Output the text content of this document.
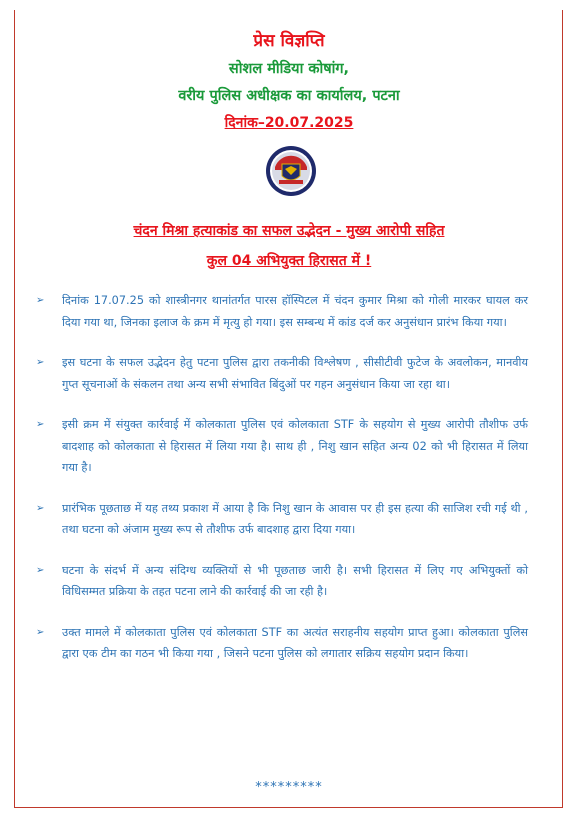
प्रेस विज्ञप्ति
सोशल मीडिया कोषांग,
वरीय पुलिस अधीक्षक का कार्यालय, पटना
दिनांक–20.07.2025
चंदन मिश्रा हत्याकांड का सफल उद्भेदन - मुख्य आरोपी सहित
कुल 04 अभियुक्त हिरासत में !
➢ दिनांक 17.07.25 को शास्त्रीनगर थानांतर्गत पारस हॉस्पिटल में चंदन कुमार मिश्रा को गोली मारकर घायल कर दिया गया था, जिनका इलाज के क्रम में मृत्यु हो गया। इस सम्बन्ध में कांड दर्ज कर अनुसंधान प्रारंभ किया गया।
➢ इस घटना के सफल उद्भेदन हेतु पटना पुलिस द्वारा तकनीकी विश्लेषण , सीसीटीवी फुटेज के अवलोकन, मानवीय गुप्त सूचनाओं के संकलन तथा अन्य सभी संभावित बिंदुओं पर गहन अनुसंधान किया जा रहा था।
➢ इसी क्रम में संयुक्त कार्रवाई में कोलकाता पुलिस एवं कोलकाता STF के सहयोग से मुख्य आरोपी तौशीफ उर्फ बादशाह को कोलकाता से हिरासत में लिया गया है। साथ ही , निशु खान सहित अन्य 02 को भी हिरासत में लिया गया है।
➢ प्रारंभिक पूछताछ में यह तथ्य प्रकाश में आया है कि निशु खान के आवास पर ही इस हत्या की साजिश रची गई थी , तथा घटना को अंजाम मुख्य रूप से तौशीफ उर्फ बादशाह द्वारा दिया गया।
➢ घटना के संदर्भ में अन्य संदिग्ध व्यक्तियों से भी पूछताछ जारी है। सभी हिरासत में लिए गए अभियुक्तों को विधिसम्मत प्रक्रिया के तहत पटना लाने की कार्रवाई की जा रही है।
➢ उक्त मामले में कोलकाता पुलिस एवं कोलकाता STF का अत्यंत सराहनीय सहयोग प्राप्त हुआ। कोलकाता पुलिस द्वारा एक टीम का गठन भी किया गया , जिसने पटना पुलिस को लगातार सक्रिय सहयोग प्रदान किया।
*********
